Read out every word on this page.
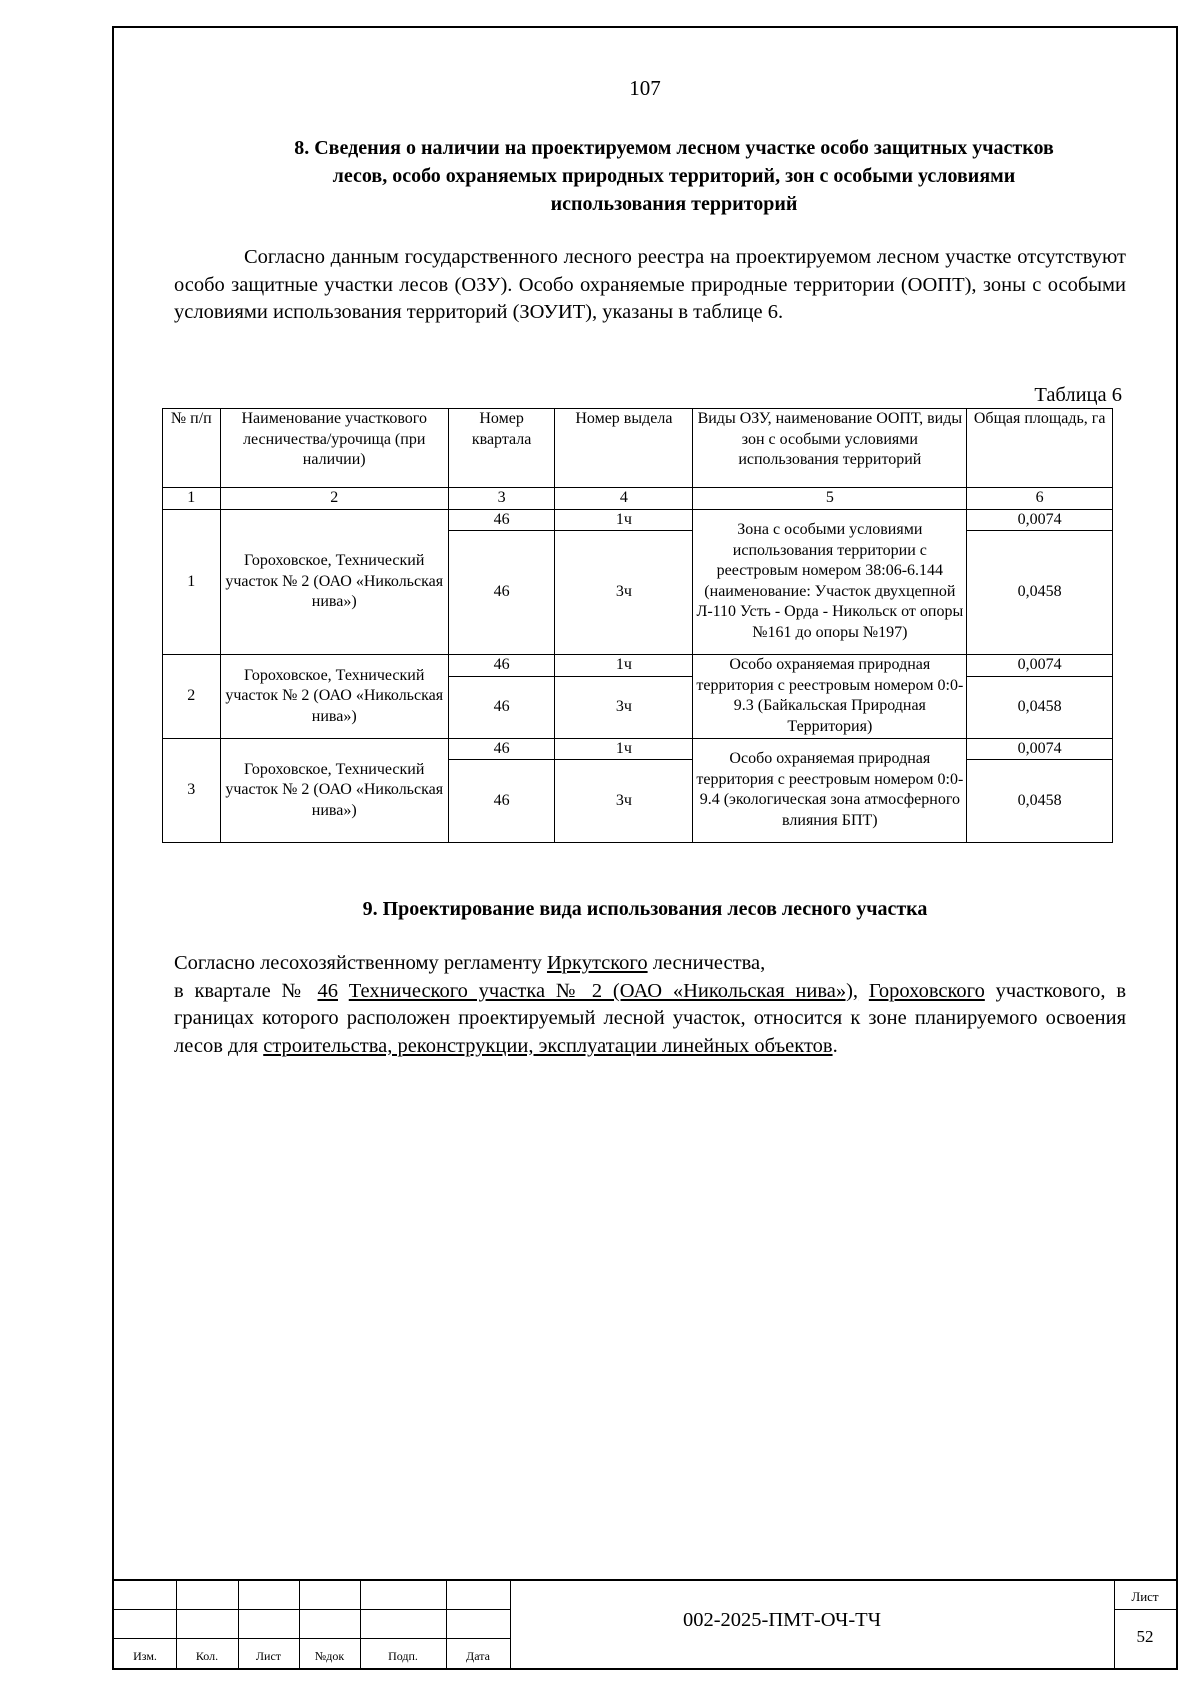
107
8. Сведения о наличии на проектируемом лесном участке особо защитных участков лесов, особо охраняемых природных территорий, зон с особыми условиями использования территорий
Согласно данным государственного лесного реестра на проектируемом лесном участке отсутствуют особо защитные участки лесов (ОЗУ). Особо охраняемые природные территории (ООПТ), зоны с особыми условиями использования территорий (ЗОУИТ), указаны в таблице 6.
Таблица 6
№ п/п	Наименование участкового лесничества/урочища (при наличии)	Номер квартала	Номер выдела	Виды ОЗУ, наименование ООПТ, виды зон с особыми условиями использования территорий	Общая площадь, га
1	2	3	4	5	6
1	Гороховское, Технический участок № 2 (ОАО «Никольская нива»)	46	1ч	Зона с особыми условиями использования территории с реестровым номером 38:06-6.144 (наименование: Участок двухцепной Л-110 Усть - Орда - Никольск от опоры №161 до опоры №197)	0,0074
		46	3ч		0,0458
2	Гороховское, Технический участок № 2 (ОАО «Никольская нива»)	46	1ч	Особо охраняемая природная территория с реестровым номером 0:0-9.3 (Байкальская Природная Территория)	0,0074
		46	3ч		0,0458
3	Гороховское, Технический участок № 2 (ОАО «Никольская нива»)	46	1ч	Особо охраняемая природная территория с реестровым номером 0:0-9.4 (экологическая зона атмосферного влияния БПТ)	0,0074
		46	3ч		0,0458
9. Проектирование вида использования лесов лесного участка
Согласно лесохозяйственному регламенту Иркутского лесничества,
в квартале № 46 Технического участка № 2 (ОАО «Никольская нива»), Гороховского участкового, в границах которого расположен проектируемый лесной участок, относится к зоне планируемого освоения лесов для строительства, реконструкции, эксплуатации линейных объектов.
Изм.	Кол.	Лист	№док	Подп.	Дата
002-2025-ПМТ-ОЧ-ТЧ
Лист
52
